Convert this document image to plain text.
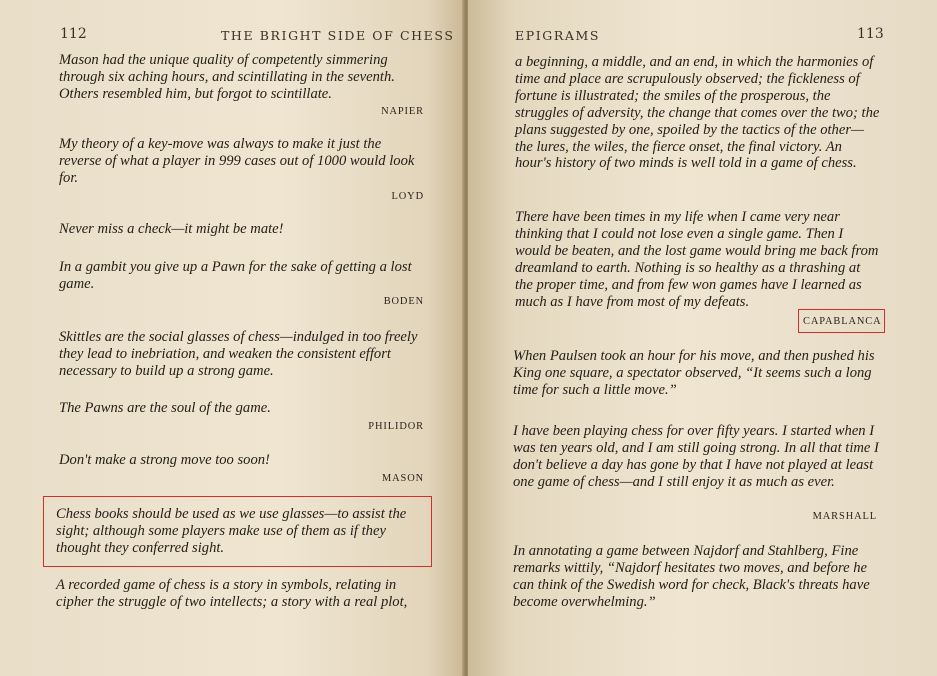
112	THE BRIGHT SIDE OF CHESS

Mason had the unique quality of competently simmering through six aching hours, and scintillating in the seventh. Others resembled him, but forgot to scintillate.

NAPIER

My theory of a key-move was always to make it just the reverse of what a player in 999 cases out of 1000 would look for.

LOYD

Never miss a check—it might be mate!

In a gambit you give up a Pawn for the sake of getting a lost game.

BODEN

Skittles are the social glasses of chess—indulged in too freely they lead to inebriation, and weaken the consistent effort necessary to build up a strong game.

The Pawns are the soul of the game.

PHILIDOR

Don't make a strong move too soon!

MASON

Chess books should be used as we use glasses—to assist the sight; although some players make use of them as if they thought they conferred sight.

A recorded game of chess is a story in symbols, relating in cipher the struggle of two intellects; a story with a real plot,

EPIGRAMS	113

a beginning, a middle, and an end, in which the harmonies of time and place are scrupulously observed; the fickleness of fortune is illustrated; the smiles of the prosperous, the struggles of adversity, the change that comes over the two; the plans suggested by one, spoiled by the tactics of the other—the lures, the wiles, the fierce onset, the final victory. An hour's history of two minds is well told in a game of chess.

There have been times in my life when I came very near thinking that I could not lose even a single game. Then I would be beaten, and the lost game would bring me back from dreamland to earth. Nothing is so healthy as a thrashing at the proper time, and from few won games have I learned as much as I have from most of my defeats.

CAPABLANCA

When Paulsen took an hour for his move, and then pushed his King one square, a spectator observed, “It seems such a long time for such a little move.”

I have been playing chess for over fifty years. I started when I was ten years old, and I am still going strong. In all that time I don't believe a day has gone by that I have not played at least one game of chess—and I still enjoy it as much as ever.

MARSHALL

In annotating a game between Najdorf and Stahlberg, Fine remarks wittily, “Najdorf hesitates two moves, and before he can think of the Swedish word for check, Black's threats have become overwhelming.”
